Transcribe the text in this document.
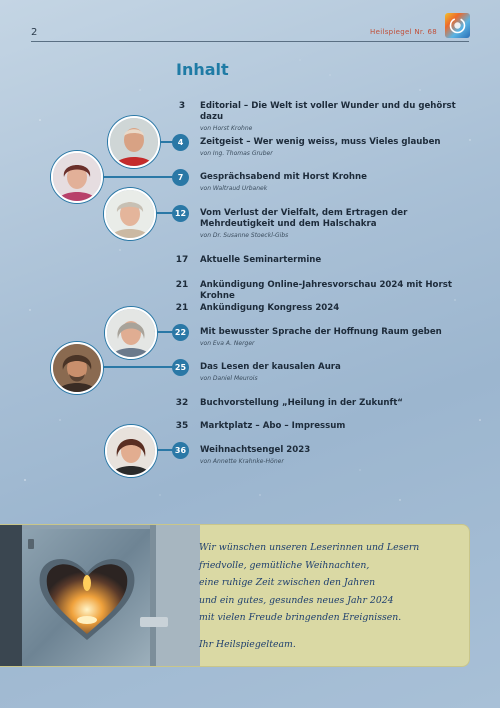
2	Heilspiegel Nr. 68
Inhalt
3	Editorial – Die Welt ist voller Wunder und du gehörst dazu
von Horst Krohne
4	Zeitgeist – Wer wenig weiss, muss Vieles glauben
von Ing. Thomas Gruber
7	Gesprächsabend mit Horst Krohne
von Waltraud Urbanek
12	Vom Verlust der Vielfalt, dem Ertragen der Mehrdeutigkeit und dem Halschakra
von Dr. Susanne Stoeckl-Gibs
17	Aktuelle Seminartermine
21	Ankündigung Online-Jahresvorschau 2024 mit Horst Krohne
21	Ankündigung Kongress 2024
22	Mit bewusster Sprache der Hoffnung Raum geben
von Eva A. Nerger
25	Das Lesen der kausalen Aura
von Daniel Meurois
32	Buchvorstellung „Heilung in der Zukunft“
35	Marktplatz – Abo – Impressum
36	Weihnachtsengel 2023
von Annette Krahnke-Höner

Wir wünschen unseren Leserinnen und Lesern

friedvolle, gemütliche Weihnachten,

eine ruhige Zeit zwischen den Jahren

und ein gutes, gesundes neues Jahr 2024

mit vielen Freude bringenden Ereignissen.

Ihr Heilspiegelteam.
